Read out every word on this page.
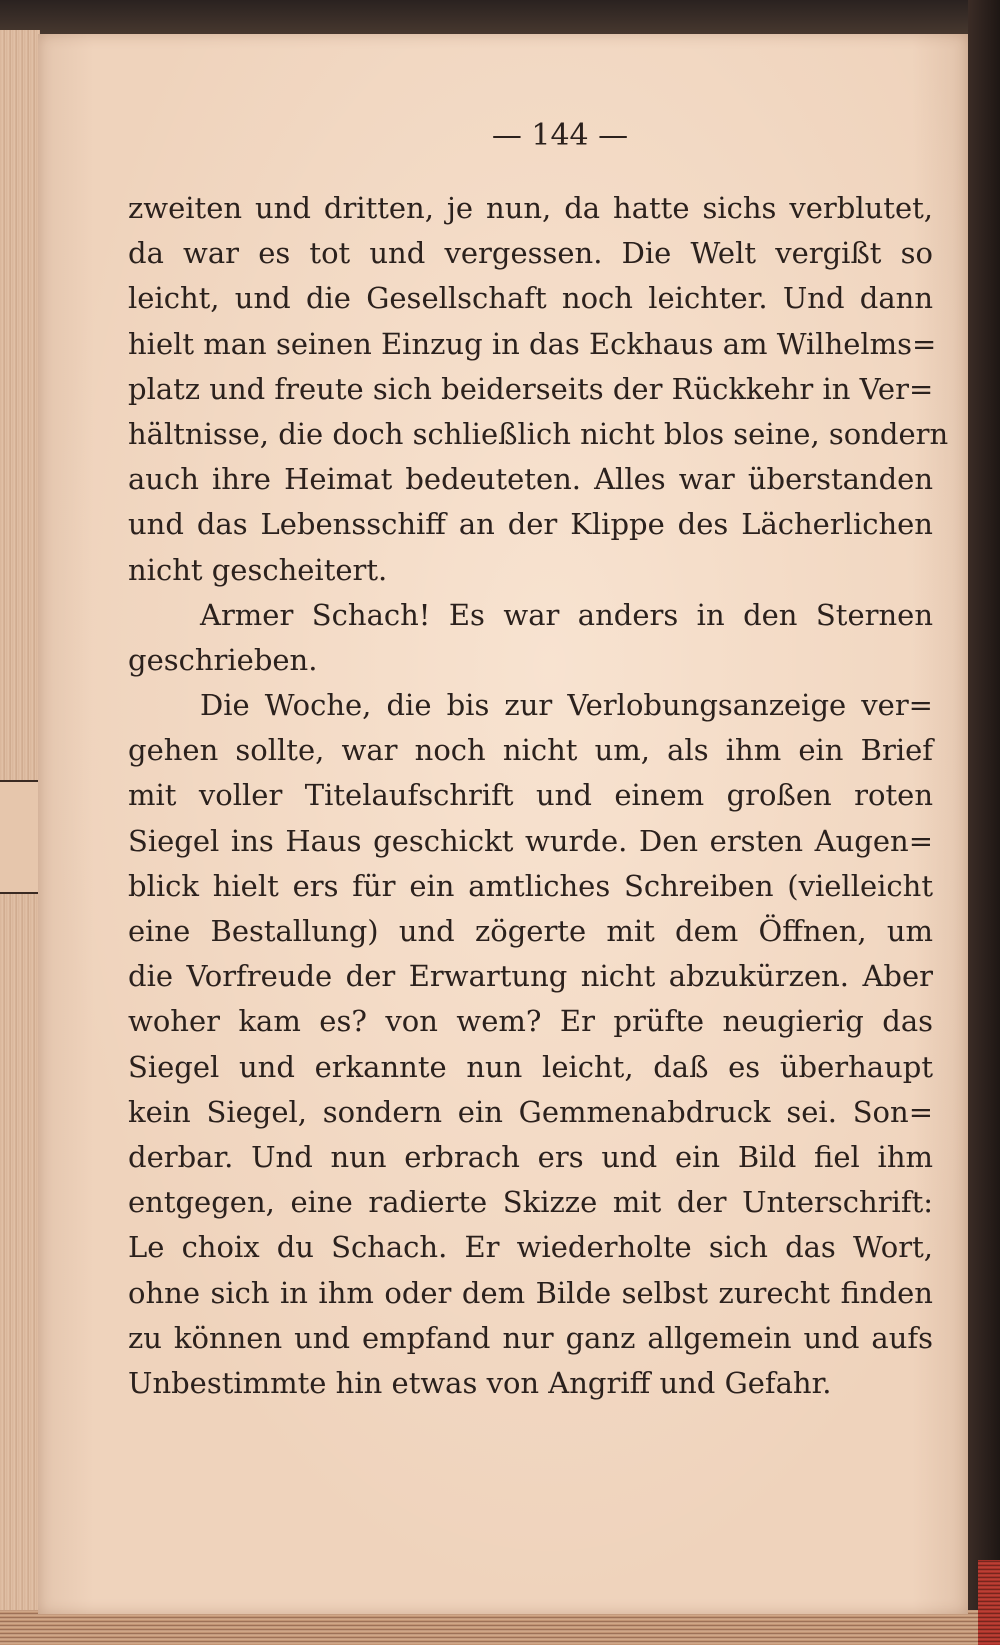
— 144 —
zweiten und dritten, je nun, da hatte sichs verblutet,
da war es tot und vergessen. Die Welt vergißt so
leicht, und die Gesellschaft noch leichter. Und dann
hielt man seinen Einzug in das Eckhaus am Wilhelms=
platz und freute sich beiderseits der Rückkehr in Ver=
hältnisse, die doch schließlich nicht blos seine, sondern
auch ihre Heimat bedeuteten. Alles war überstanden
und das Lebensschiff an der Klippe des Lächerlichen
nicht gescheitert.
Armer Schach! Es war anders in den Sternen
geschrieben.
Die Woche, die bis zur Verlobungsanzeige ver=
gehen sollte, war noch nicht um, als ihm ein Brief
mit voller Titelaufschrift und einem großen roten
Siegel ins Haus geschickt wurde. Den ersten Augen=
blick hielt ers für ein amtliches Schreiben (vielleicht
eine Bestallung) und zögerte mit dem Öffnen, um
die Vorfreude der Erwartung nicht abzukürzen. Aber
woher kam es? von wem? Er prüfte neugierig das
Siegel und erkannte nun leicht, daß es überhaupt
kein Siegel, sondern ein Gemmenabdruck sei. Son=
derbar. Und nun erbrach ers und ein Bild fiel ihm
entgegen, eine radierte Skizze mit der Unterschrift:
Le choix du Schach. Er wiederholte sich das Wort,
ohne sich in ihm oder dem Bilde selbst zurecht finden
zu können und empfand nur ganz allgemein und aufs
Unbestimmte hin etwas von Angriff und Gefahr.
